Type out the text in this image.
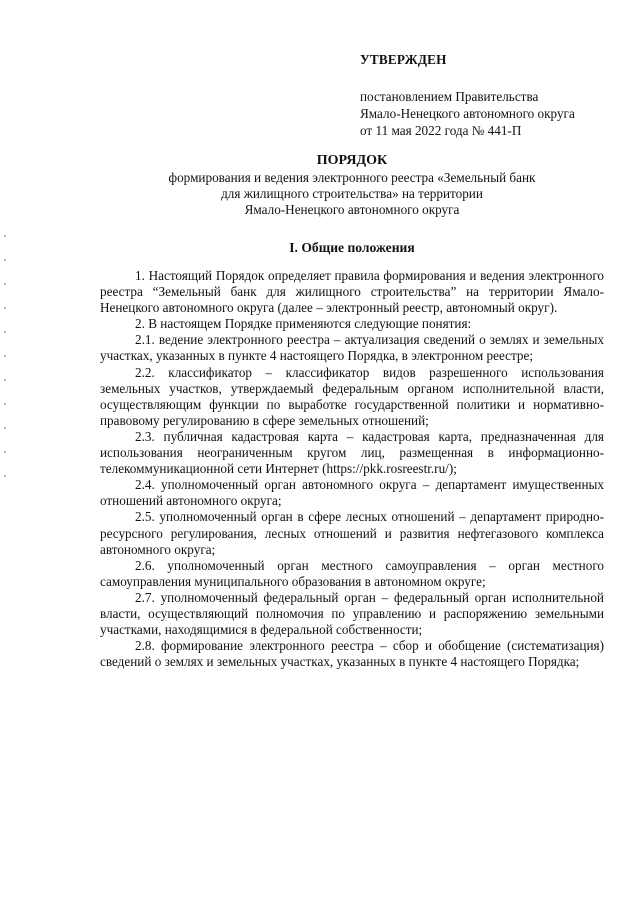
УТВЕРЖДЕН
постановлением Правительства
Ямало-Ненецкого автономного округа
от 11 мая 2022 года № 441-П
ПОРЯДОК
формирования и ведения электронного реестра «Земельный банк
для жилищного строительства» на территории
Ямало-Ненецкого автономного округа
I. Общие положения

1. Настоящий Порядок определяет правила формирования и ведения электронного реестра “Земельный банк для жилищного строительства” на территории Ямало-Ненецкого автономного округа (далее – электронный реестр, автономный округ).

2. В настоящем Порядке применяются следующие понятия:

2.1. ведение электронного реестра – актуализация сведений о землях и земельных участках, указанных в пункте 4 настоящего Порядка, в электронном реестре;

2.2. классификатор – классификатор видов разрешенного использования земельных участков, утверждаемый федеральным органом исполнительной власти, осуществляющим функции по выработке государственной политики и нормативно-правовому регулированию в сфере земельных отношений;

2.3. публичная кадастровая карта – кадастровая карта, предназначенная для использования неограниченным кругом лиц, размещенная в информационно-телекоммуникационной сети Интернет (https://pkk.rosreestr.ru/);

2.4. уполномоченный орган автономного округа – департамент имущественных отношений автономного округа;

2.5. уполномоченный орган в сфере лесных отношений – департамент природно-ресурсного регулирования, лесных отношений и развития нефтегазового комплекса автономного округа;

2.6. уполномоченный орган местного самоуправления – орган местного самоуправления муниципального образования в автономном округе;

2.7. уполномоченный федеральный орган – федеральный орган исполнительной власти, осуществляющий полномочия по управлению и распоряжению земельными участками, находящимися в федеральной собственности;

2.8. формирование электронного реестра – сбор и обобщение (систематизация) сведений о землях и земельных участках, указанных в пункте 4 настоящего Порядка;
